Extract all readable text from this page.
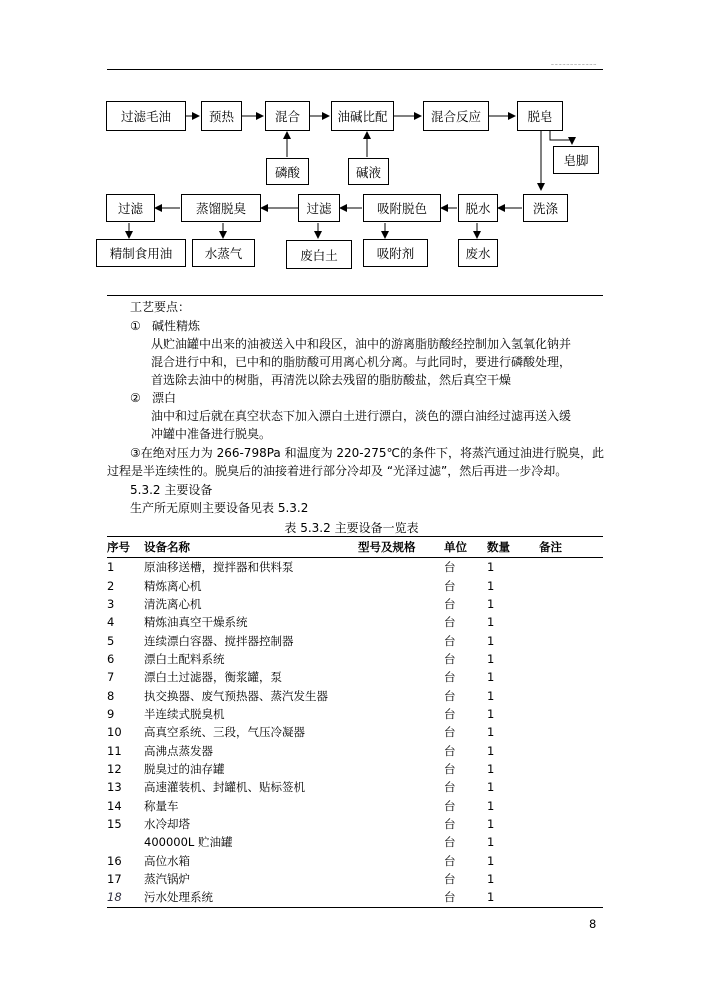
~~~~~~~~~~~~
过滤毛油	预热	混合	油碱比配	混合反应	脱皂
磷酸	碱液
皂脚
过滤	蒸馏脱臭	过滤	吸附脱色	脱水	洗涤
精制食用油	水蒸气	废白土	吸附剂	废水
工艺要点：
① 碱性精炼
从贮油罐中出来的油被送入中和段区，油中的游离脂肪酸经控制加入氢氧化钠并
混合进行中和，已中和的脂肪酸可用离心机分离。与此同时，要进行磷酸处理，
首选除去油中的树脂，再清洗以除去残留的脂肪酸盐，然后真空干燥
② 漂白
油中和过后就在真空状态下加入漂白土进行漂白，淡色的漂白油经过滤再送入缓
冲罐中准备进行脱臭。
③在绝对压力为 266-798Pa 和温度为 220-275℃的条件下，将蒸汽通过油进行脱臭，此
过程是半连续性的。脱臭后的油接着进行部分冷却及 “光泽过滤”，然后再进一步冷却。
5.3.2 主要设备
生产所无原则主要设备见表 5.3.2
表 5.3.2 主要设备一览表
序号	设备名称	型号及规格	单位	数量	备注
1	原油移送槽，搅拌器和供料泵		台	1	
2	精炼离心机		台	1	
3	清洗离心机		台	1	
4	精炼油真空干燥系统		台	1	
5	连续漂白容器、搅拌器控制器		台	1	
6	漂白土配料系统		台	1	
7	漂白土过滤器，衡浆罐，泵		台	1	
8	执交换器、废气预热器、蒸汽发生器		台	1	
9	半连续式脱臭机		台	1	
10	高真空系统、三段，气压冷凝器		台	1	
11	高沸点蒸发器		台	1	
12	脱臭过的油存罐		台	1	
13	高速灌装机、封罐机、贴标签机		台	1	
14	称量车		台	1	
15	水冷却塔		台	1	
	400000L 贮油罐		台	1	
16	高位水箱		台	1	
17	蒸汽锅炉		台	1	
18	污水处理系统		台	1	
8
